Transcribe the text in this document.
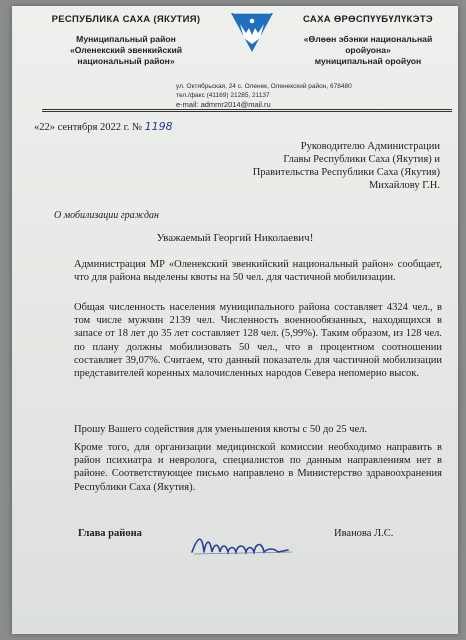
РЕСПУБЛИКА САХА (ЯКУТИЯ)
Муниципальный район
«Оленекский эвенкийский
национальный район»
САХА ӨРӨСПҮҮБҮЛҮКЭТЭ
«Өлөөн эбэнки национальнай
оройуона»
муниципальнай оройуон
ул. Октябрьская, 24 с. Оленек, Оленекский район, 678480
тел./факс (41169) 21285, 21137
e-mail: admmr2014@mail.ru
«22» сентября 2022 г. № 1198
Руководителю Администрации
Главы Республики Саха (Якутия) и
Правительства Республики Саха (Якутия)
Михайлову Г.Н.
О мобилизации граждан
Уважаемый Георгий Николаевич!
Администрация МР «Оленекский эвенкийский национальный район» сообщает, что для района выделены квоты на 50 чел. для частичной мобилизации.
Общая численность населения муниципального района составляет 4324 чел., в том числе мужчин 2139 чел. Численность военнообязанных, находящихся в запасе от 18 лет до 35 лет составляет 128 чел. (5,99%). Таким образом, из 128 чел. по плану должны мобилизовать 50 чел., что в процентном соотношении составляет 39,07%. Считаем, что данный показатель для частичной мобилизации представителей коренных малочисленных народов Севера непомерно высок.
Прошу Вашего содействия для уменьшения квоты с 50 до 25 чел.
Кроме того, для организации медицинской комиссии необходимо направить в район психиатра и невролога, специалистов по данным направлениям нет в районе. Соответствующее письмо направлено в Министерство здравоохранения Республики Саха (Якутия).
Глава района	Иванова Л.С.
